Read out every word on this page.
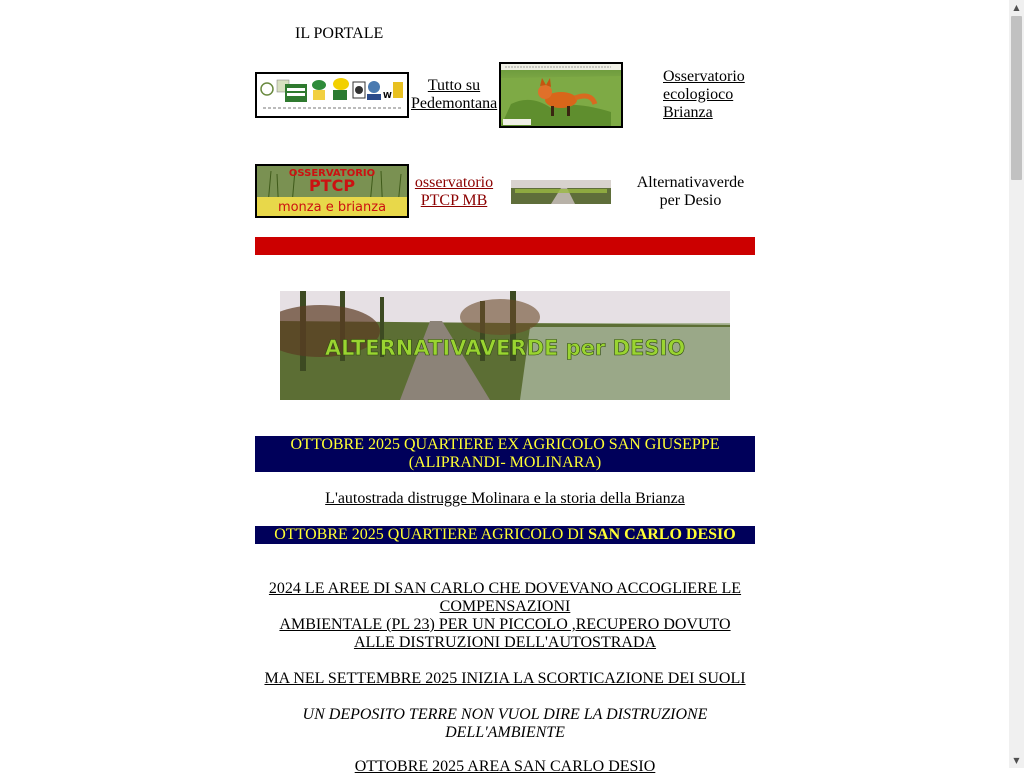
IL PORTALE
W
Tutto su
Pedemontana
Osservatorio
ecologioco
Brianza
OSSERVATORIO
PTCP
monza e brianza
osservatorio
PTCP MB
Alternativaverde
per Desio
ALTERNATIVAVERDE per DESIO
OTTOBRE 2025 QUARTIERE EX AGRICOLO SAN GIUSEPPE
(ALIPRANDI- MOLINARA)
L'autostrada distrugge Molinara e la storia della Brianza
OTTOBRE 2025 QUARTIERE AGRICOLO DI SAN CARLO DESIO
2024 LE AREE DI SAN CARLO CHE DOVEVANO ACCOGLIERE LE
COMPENSAZIONI
AMBIENTALE (PL 23) PER UN PICCOLO ,RECUPERO DOVUTO
ALLE DISTRUZIONI DELL'AUTOSTRADA
MA NEL SETTEMBRE 2025 INIZIA LA SCORTICAZIONE DEI SUOLI
UN DEPOSITO TERRE NON VUOL DIRE LA DISTRUZIONE
DELL'AMBIENTE
OTTOBRE 2025 AREA SAN CARLO DESIO
▲
▼
